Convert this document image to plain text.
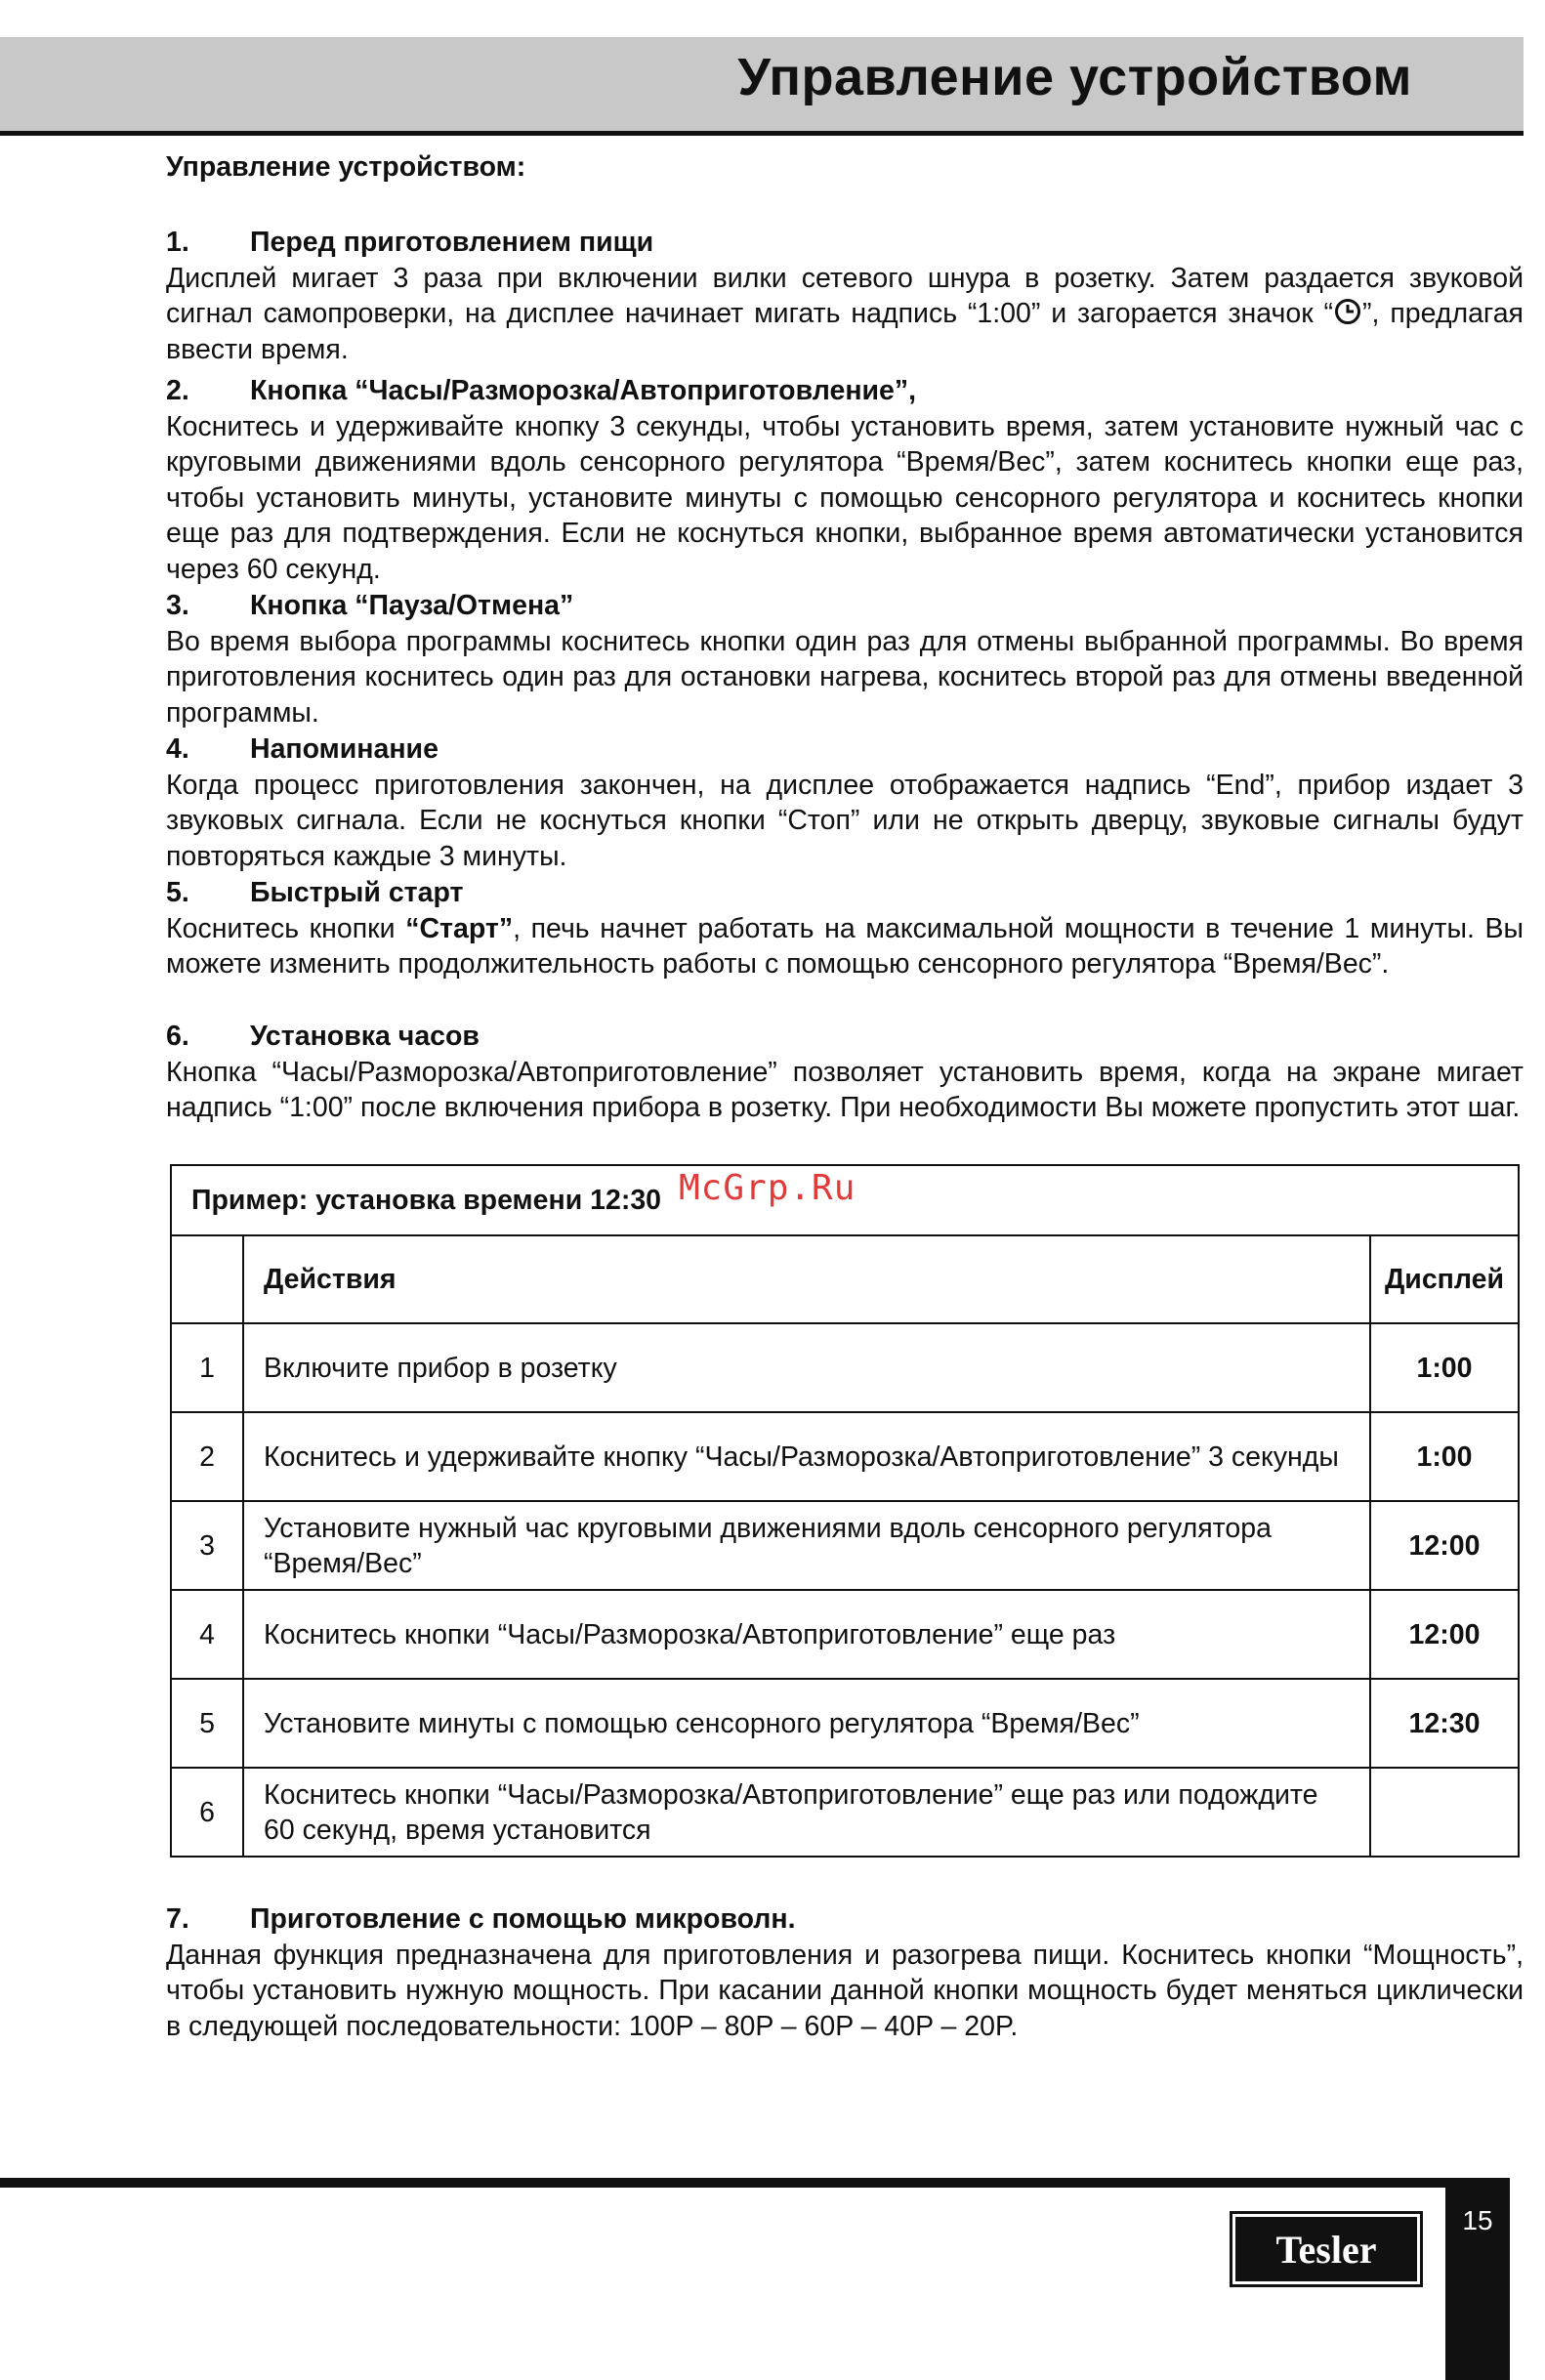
Управление устройством
Управление устройством:
1. Перед приготовлением пищи
Дисплей мигает 3 раза при включении вилки сетевого шнура в розетку. Затем раздается звуковой сигнал самопроверки, на дисплее начинает мигать надпись “1:00” и загорается значок “ ”, предлагая ввести время.
2. Кнопка “Часы/Разморозка/Автоприготовление”,
Коснитесь и удерживайте кнопку 3 секунды, чтобы установить время, затем установите нужный час с круговыми движениями вдоль сенсорного регулятора “Время/Вес”, затем коснитесь кнопки еще раз, чтобы установить минуты, установите минуты с помощью сенсорного регулятора и коснитесь кнопки еще раз для подтверждения. Если не коснуться кнопки, выбранное время автоматически установится через 60 секунд.
3. Кнопка “Пауза/Отмена”
Во время выбора программы коснитесь кнопки один раз для отмены выбранной программы. Во время приготовления коснитесь один раз для остановки нагрева, коснитесь второй раз для отмены введенной программы.
4. Напоминание
Когда процесс приготовления закончен, на дисплее отображается надпись “End”, прибор издает 3 звуковых сигнала. Если не коснуться кнопки “Стоп” или не открыть дверцу, звуковые сигналы будут повторяться каждые 3 минуты.
5. Быстрый старт
Коснитесь кнопки “Старт”, печь начнет работать на максимальной мощности в течение 1 минуты. Вы можете изменить продолжительность работы с помощью сенсорного регулятора “Время/Вес”.
6. Установка часов
Кнопка “Часы/Разморозка/Автоприготовление” позволяет установить время, когда на экране мигает надпись “1:00” после включения прибора в розетку. При необходимости Вы можете пропустить этот шаг.
Пример: установка времени 12:30		
	Действия	Дисплей
1	Включите прибор в розетку	1:00
2	Коснитесь и удерживайте кнопку “Часы/Разморозка/Автоприготовление” 3 секунды	1:00
3	Установите нужный час круговыми движениями вдоль сенсорного регулятора “Время/Вес”	12:00
4	Коснитесь кнопки “Часы/Разморозка/Автоприготовление” еще раз	12:00
5	Установите минуты с помощью сенсорного регулятора “Время/Вес”	12:30
6	Коснитесь кнопки “Часы/Разморозка/Автоприготовление” еще раз или подождите 60 секунд, время установится	
McGrp.Ru
7. Приготовление с помощью микроволн.
Данная функция предназначена для приготовления и разогрева пищи. Коснитесь кнопки “Мощность”, чтобы установить нужную мощность. При касании данной кнопки мощность будет меняться циклически в следующей последовательности: 100P – 80P – 60P – 40P – 20P.
15
Tesler
